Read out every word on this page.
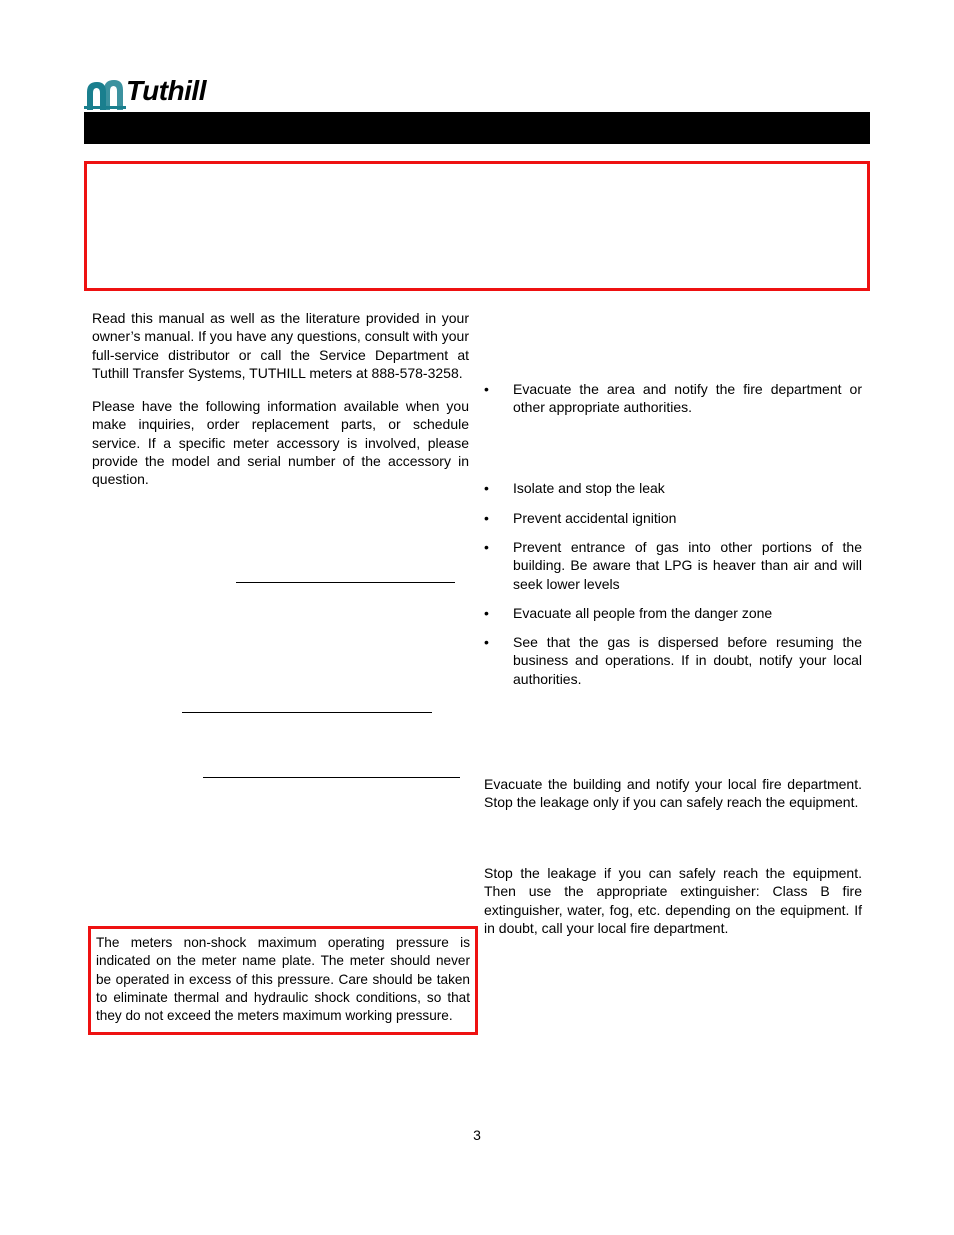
Tuthill
Read this manual as well as the literature provided in your owner’s manual. If you have any questions, consult with your full-service distributor or call the Service Department at Tuthill Transfer Systems, TUTHILL meters at 888-578-3258.
Please have the following information available when you make inquiries, order replacement parts, or schedule service. If a specific meter accessory is involved, please provide the model and serial number of the accessory in question.
The meters non-shock maximum operating pressure is indicated on the meter name plate. The meter should never be operated in excess of this pressure. Care should be taken to eliminate thermal and hydraulic shock conditions, so that they do not exceed the meters maximum working pressure.
•	Evacuate the area and notify the fire department or other appropriate authorities.
•	Isolate and stop the leak
•	Prevent accidental ignition
•	Prevent entrance of gas into other portions of the building. Be aware that LPG is heaver than air and will seek lower levels
•	Evacuate all people from the danger zone
•	See that the gas is dispersed before resuming the business and operations. If in doubt, notify your local authorities.
Evacuate the building and notify your local fire department. Stop the leakage only if you can safely reach the equipment.
Stop the leakage if you can safely reach the equipment. Then use the appropriate extinguisher: Class B fire extinguisher, water, fog, etc. depending on the equipment. If in doubt, call your local fire department.
3
